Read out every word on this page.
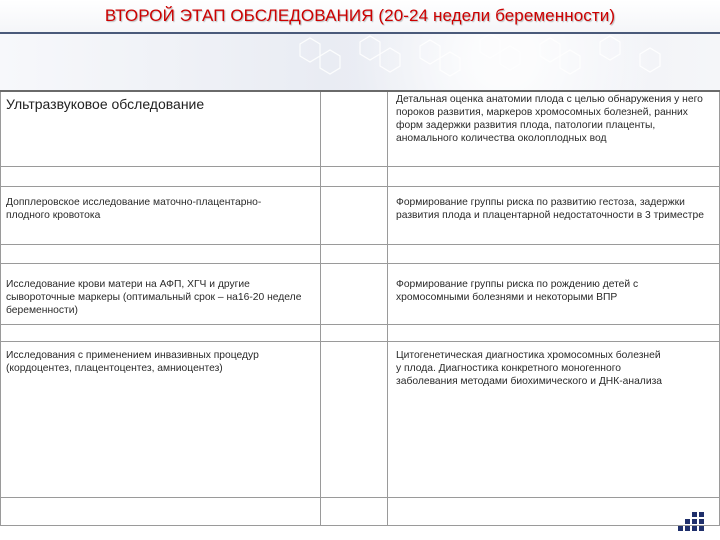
ВТОРОЙ ЭТАП ОБСЛЕДОВАНИЯ (20-24 недели беременности)
Ультразвуковое обследование	Детальная оценка анатомии плода с целью обнаружения у него пороков развития, маркеров хромосомных болезней, ранних форм задержки развития плода, патологии плаценты, аномального количества околоплодных вод
Допплеровское исследование маточно-плацентарно- плодного кровотока
Формирование группы риска по развитию гестоза, задержки развития плода и плацентарной недостаточности в 3 триместре
Исследование крови матери на АФП, ХГЧ и другие сывороточные маркеры (оптимальный срок – на16-20 неделе беременности)
Формирование группы риска по рождению детей с хромосомными болезнями и некоторыми ВПР
Исследования с применением инвазивных процедур (кордоцентез, плацентоцентез, амниоцентез)
Цитогенетическая диагностика хромосомных болезней у плода. Диагностика конкретного моногенного заболевания методами биохимического и ДНК-анализа
